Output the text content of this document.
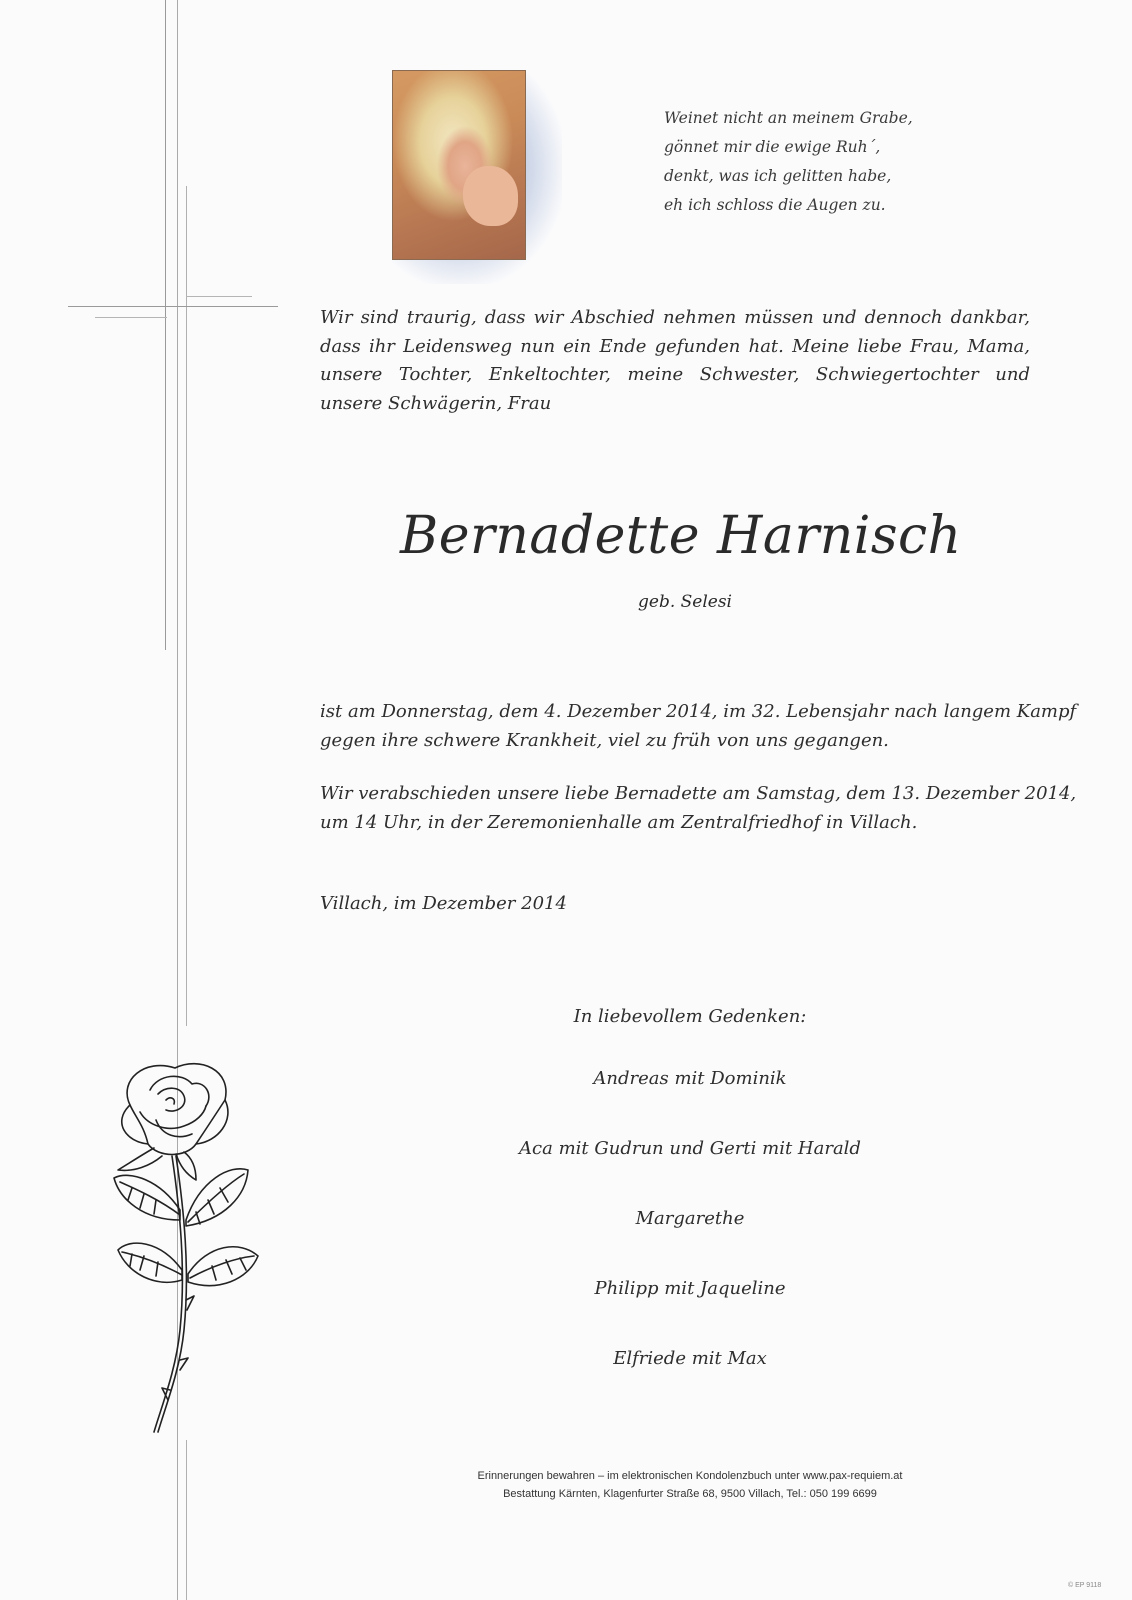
Weinet nicht an meinem Grabe,
gönnet mir die ewige Ruh´,
denkt, was ich gelitten habe,
eh ich schloss die Augen zu.
Wir sind traurig, dass wir Abschied nehmen müssen und dennoch dankbar, dass ihr Leidensweg nun ein Ende gefunden hat. Meine liebe Frau, Mama, unsere Tochter, Enkeltochter, meine Schwester, Schwiegertochter und unsere Schwägerin, Frau
Bernadette Harnisch
geb. Selesi
ist am Donnerstag, dem 4. Dezember 2014, im 32. Lebensjahr nach langem Kampf
gegen ihre schwere Krankheit, viel zu früh von uns gegangen.
Wir verabschieden unsere liebe Bernadette am Samstag, dem 13. Dezember 2014,
um 14 Uhr, in der Zeremonienhalle am Zentralfriedhof in Villach.
Villach, im Dezember 2014
In liebevollem Gedenken:
Andreas mit Dominik
Aca mit Gudrun und Gerti mit Harald
Margarethe
Philipp mit Jaqueline
Elfriede mit Max
Erinnerungen bewahren – im elektronischen Kondolenzbuch unter www.pax-requiem.at
Bestattung Kärnten, Klagenfurter Straße 68, 9500 Villach, Tel.: 050 199 6699
© EP 9118
